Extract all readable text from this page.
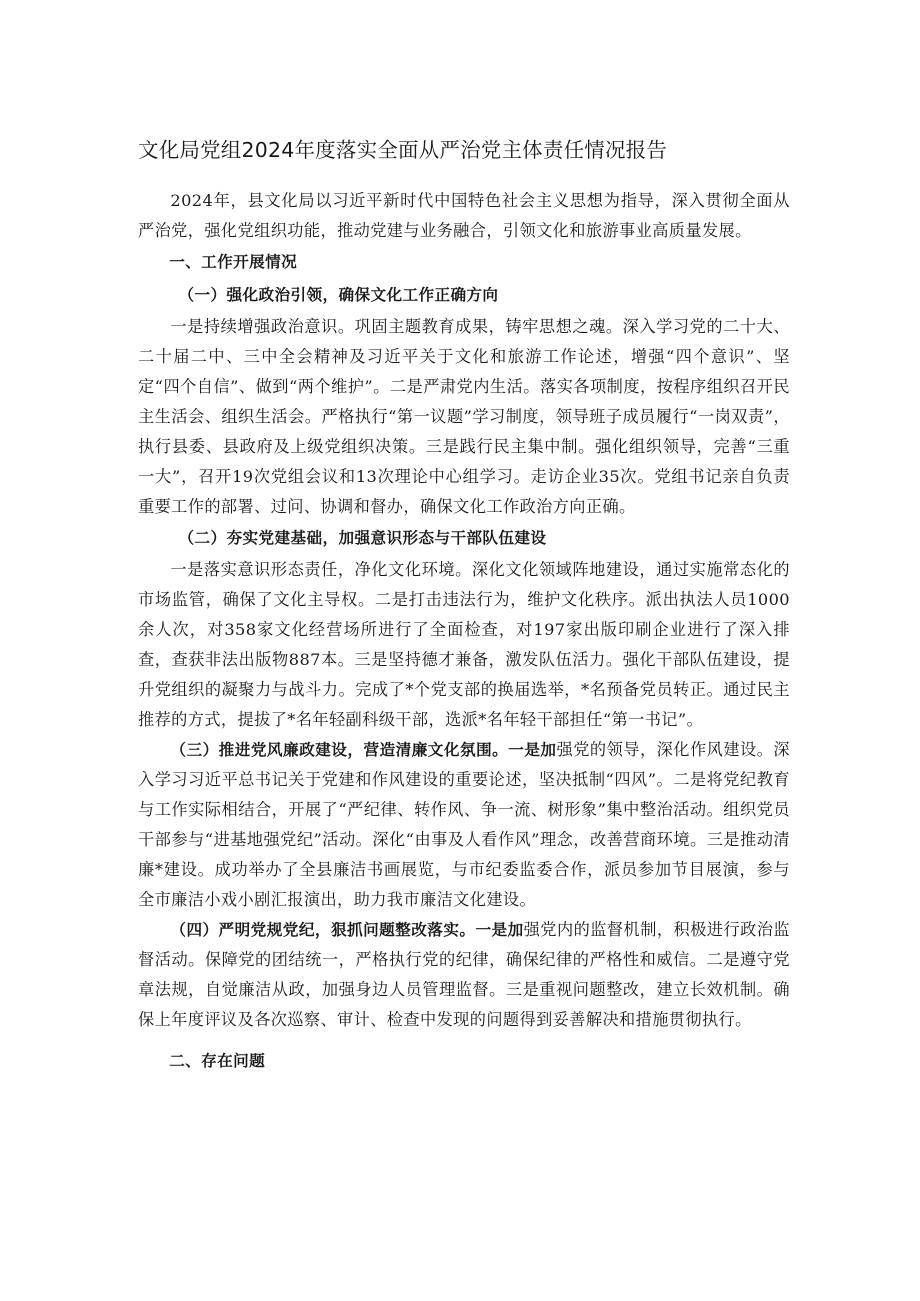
文化局党组2024年度落实全面从严治党主体责任情况报告

2024年，县文化局以习近平新时代中国特色社会主义思想为指导，深入贯彻全面从严治党，强化党组织功能，推动党建与业务融合，引领文化和旅游事业高质量发展。

一、工作开展情况

（一）强化政治引领，确保文化工作正确方向

一是持续增强政治意识。巩固主题教育成果，铸牢思想之魂。深入学习党的二十大、二十届二中、三中全会精神及习近平关于文化和旅游工作论述，增强“四个意识”、坚定“四个自信”、做到“两个维护”。二是严肃党内生活。落实各项制度，按程序组织召开民主生活会、组织生活会。严格执行“第一议题”学习制度，领导班子成员履行“一岗双责”，执行县委、县政府及上级党组织决策。三是践行民主集中制。强化组织领导，完善“三重一大”，召开19次党组会议和13次理论中心组学习。走访企业35次。党组书记亲自负责重要工作的部署、过问、协调和督办，确保文化工作政治方向正确。

（二）夯实党建基础，加强意识形态与干部队伍建设

一是落实意识形态责任，净化文化环境。深化文化领域阵地建设，通过实施常态化的市场监管，确保了文化主导权。二是打击违法行为，维护文化秩序。派出执法人员1000余人次，对358家文化经营场所进行了全面检查，对197家出版印刷企业进行了深入排查，查获非法出版物887本。三是坚持德才兼备，激发队伍活力。强化干部队伍建设，提升党组织的凝聚力与战斗力。完成了*个党支部的换届选举，*名预备党员转正。通过民主推荐的方式，提拔了*名年轻副科级干部，选派*名年轻干部担任“第一书记”。

（三）推进党风廉政建设，营造清廉文化氛围。一是加强党的领导，深化作风建设。深入学习习近平总书记关于党建和作风建设的重要论述，坚决抵制“四风”。二是将党纪教育与工作实际相结合，开展了“严纪律、转作风、争一流、树形象”集中整治活动。组织党员干部参与“进基地强党纪”活动。深化“由事及人看作风”理念，改善营商环境。三是推动清廉*建设。成功举办了全县廉洁书画展览，与市纪委监委合作，派员参加节目展演，参与全市廉洁小戏小剧汇报演出，助力我市廉洁文化建设。

（四）严明党规党纪，狠抓问题整改落实。一是加强党内的监督机制，积极进行政治监督活动。保障党的团结统一，严格执行党的纪律，确保纪律的严格性和威信。二是遵守党章法规，自觉廉洁从政，加强身边人员管理监督。三是重视问题整改，建立长效机制。确保上年度评议及各次巡察、审计、检查中发现的问题得到妥善解决和措施贯彻执行。

二、存在问题
